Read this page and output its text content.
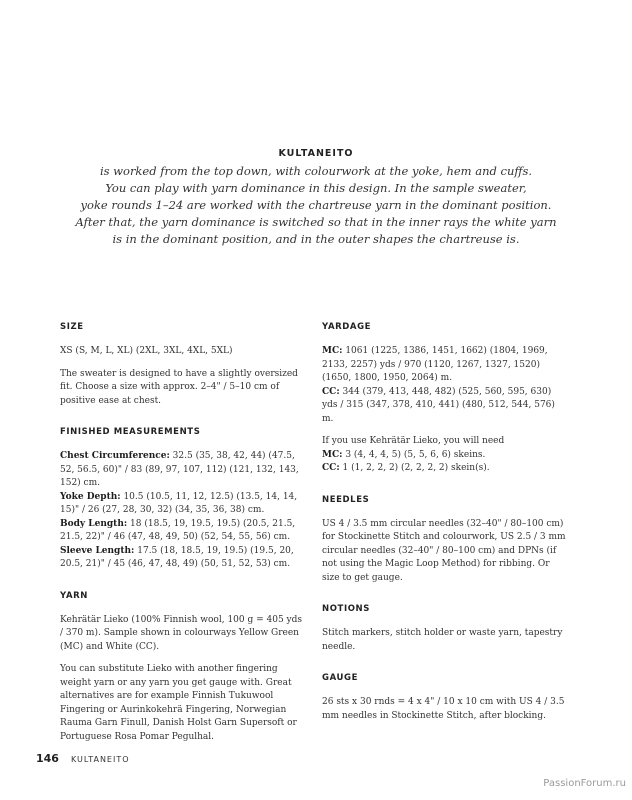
KULTANEITO
is worked from the top down, with colourwork at the yoke, hem and cuffs.
You can play with yarn dominance in this design. In the sample sweater,
yoke rounds 1–24 are worked with the chartreuse yarn in the dominant position.
After that, the yarn dominance is switched so that in the inner rays the white yarn
is in the dominant position, and in the outer shapes the chartreuse is.
SIZE
XS (S, M, L, XL) (2XL, 3XL, 4XL, 5XL)
The sweater is designed to have a slightly oversized fit. Choose a size with approx. 2–4" / 5–10 cm of positive ease at chest.
FINISHED MEASUREMENTS
Chest Circumference: 32.5 (35, 38, 42, 44) (47.5, 52, 56.5, 60)" / 83 (89, 97, 107, 112) (121, 132, 143, 152) cm.
Yoke Depth: 10.5 (10.5, 11, 12, 12.5) (13.5, 14, 14, 15)" / 26 (27, 28, 30, 32) (34, 35, 36, 38) cm.
Body Length: 18 (18.5, 19, 19.5, 19.5) (20.5, 21.5, 21.5, 22)" / 46 (47, 48, 49, 50) (52, 54, 55, 56) cm.
Sleeve Length: 17.5 (18, 18.5, 19, 19.5) (19.5, 20, 20.5, 21)" / 45 (46, 47, 48, 49) (50, 51, 52, 53) cm.
YARN
Kehrätär Lieko (100% Finnish wool, 100 g = 405 yds / 370 m). Sample shown in colourways Yellow Green (MC) and White (CC).
You can substitute Lieko with another fingering weight yarn or any yarn you get gauge with. Great alternatives are for example Finnish Tukuwool Fingering or Aurinkokehrä Fingering, Norwegian Rauma Garn Finull, Danish Holst Garn Supersoft or Portuguese Rosa Pomar Pegulhal.
YARDAGE
MC: 1061 (1225, 1386, 1451, 1662) (1804, 1969, 2133, 2257) yds / 970 (1120, 1267, 1327, 1520) (1650, 1800, 1950, 2064) m.
CC: 344 (379, 413, 448, 482) (525, 560, 595, 630) yds / 315 (347, 378, 410, 441) (480, 512, 544, 576) m.
If you use Kehrätär Lieko, you will need
MC: 3 (4, 4, 4, 5) (5, 5, 6, 6) skeins.
CC: 1 (1, 2, 2, 2) (2, 2, 2, 2) skein(s).
NEEDLES
US 4 / 3.5 mm circular needles (32–40" / 80–100 cm) for Stockinette Stitch and colourwork, US 2.5 / 3 mm circular needles (32–40" / 80–100 cm) and DPNs (if not using the Magic Loop Method) for ribbing. Or size to get gauge.
NOTIONS
Stitch markers, stitch holder or waste yarn, tapestry needle.
GAUGE
26 sts x 30 rnds = 4 x 4" / 10 x 10 cm with US 4 / 3.5 mm needles in Stockinette Stitch, after blocking.
146 KULTANEITO
PassionForum.ru
